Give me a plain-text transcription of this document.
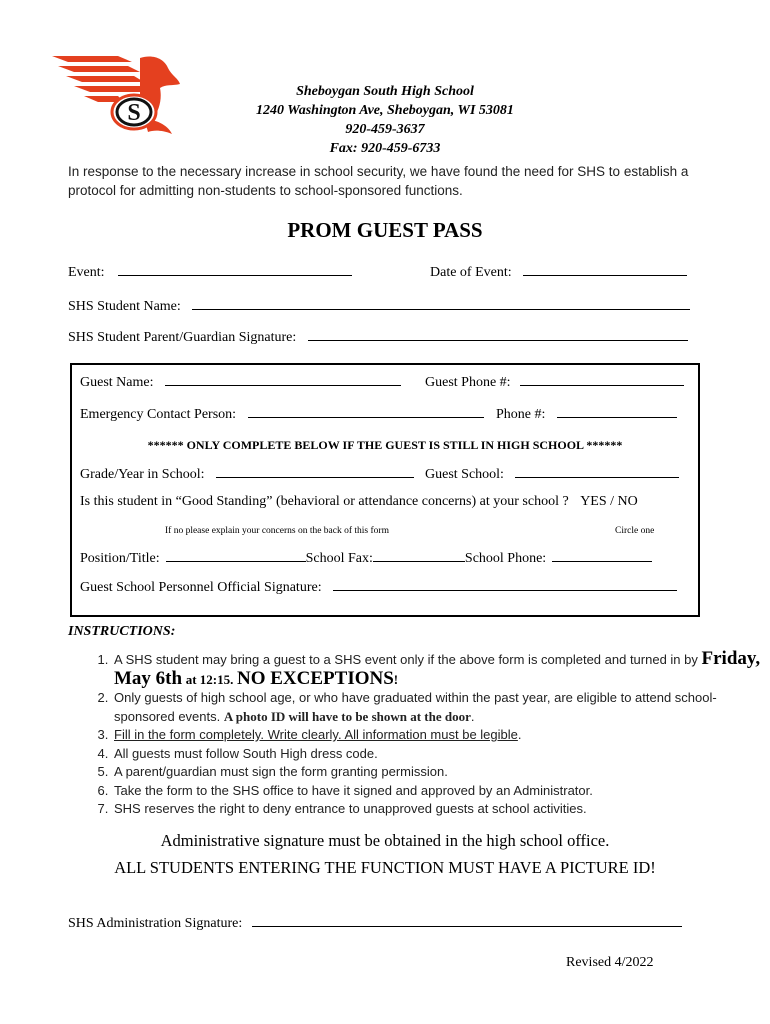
S
Sheboygan South High School
1240 Washington Ave, Sheboygan, WI 53081
920-459-3637
Fax: 920-459-6733
In response to the necessary increase in school security, we have found the need for SHS to establish a protocol for admitting non-students to school-sponsored functions.
PROM GUEST PASS
Event:	Date of Event:
SHS Student Name:
SHS Student Parent/Guardian Signature:
Guest Name:	Guest Phone #:
Emergency Contact Person:	Phone #:
****** ONLY COMPLETE BELOW IF THE GUEST IS STILL IN HIGH SCHOOL ******
Grade/Year in School:	Guest School:
Is this student in “Good Standing” (behavioral or attendance concerns) at your school ? YES / NO
If no please explain your concerns on the back of this form	Circle one
Position/Title:	School Fax:	School Phone:
Guest School Personnel Official Signature:
INSTRUCTIONS:
1. A SHS student may bring a guest to a SHS event only if the above form is completed and turned in by Friday, May 6th at 12:15. NO EXCEPTIONS!
2. Only guests of high school age, or who have graduated within the past year, are eligible to attend school-sponsored events. A photo ID will have to be shown at the door.
3. Fill in the form completely. Write clearly. All information must be legible.
4. All guests must follow South High dress code.
5. A parent/guardian must sign the form granting permission.
6. Take the form to the SHS office to have it signed and approved by an Administrator.
7. SHS reserves the right to deny entrance to unapproved guests at school activities.
Administrative signature must be obtained in the high school office.
ALL STUDENTS ENTERING THE FUNCTION MUST HAVE A PICTURE ID!
SHS Administration Signature:
Revised 4/2022
